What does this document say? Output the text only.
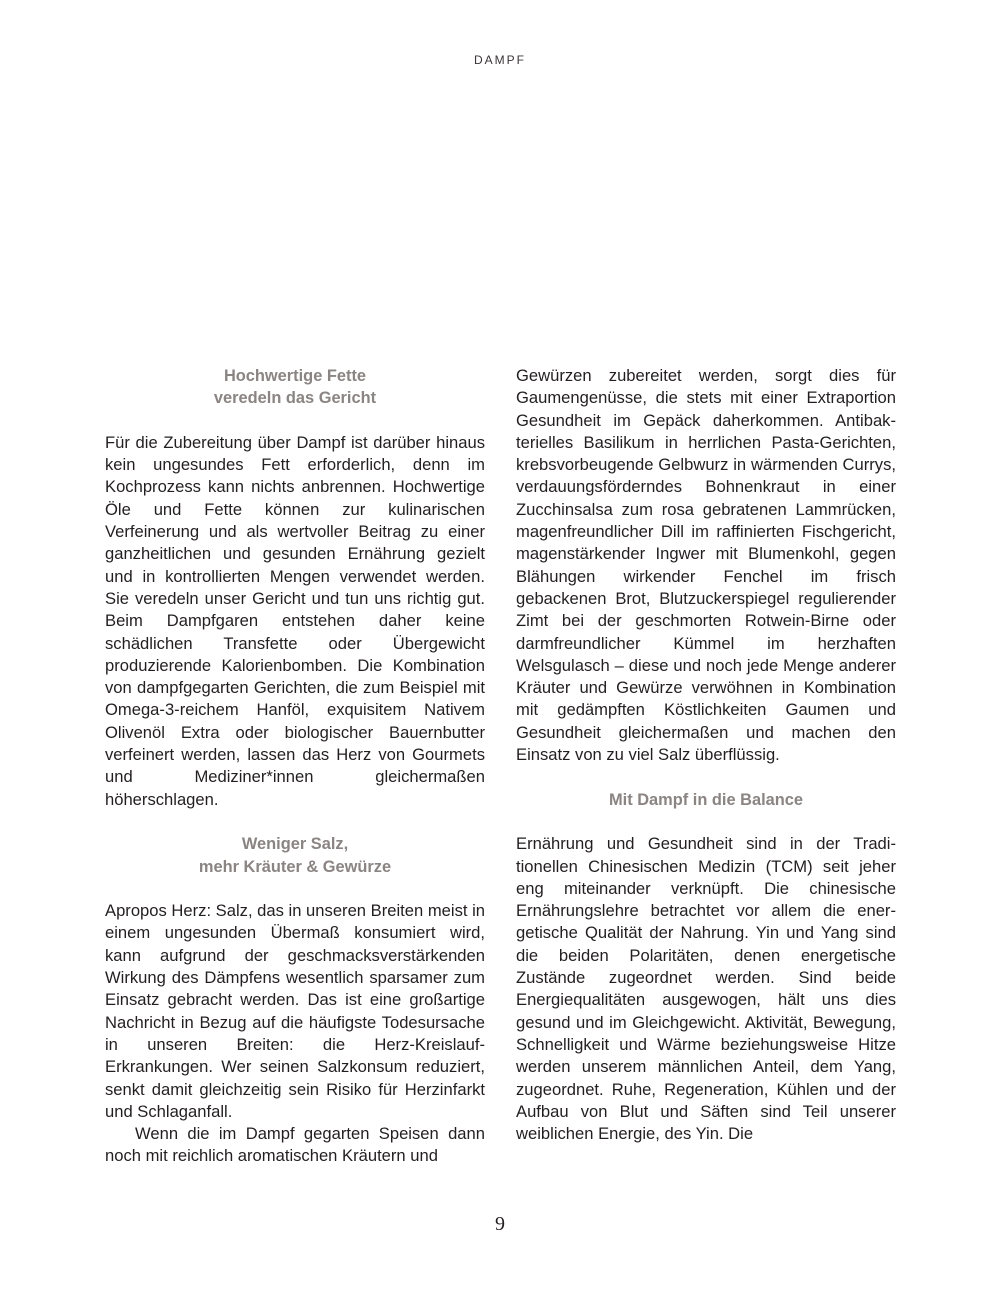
DAMPF
Hochwertige Fette
veredeln das Gericht

Für die Zubereitung über Dampf ist darüber hinaus kein ungesundes Fett erforderlich, denn im Kochprozess kann nichts anbrennen. Hochwertige Öle und Fette können zur kulinarischen Verfeinerung und als wertvoller Beitrag zu einer ganzheitlichen und gesunden Ernährung gezielt und in kontrollierten Mengen verwendet werden. Sie veredeln unser Gericht und tun uns richtig gut. Beim Dampfgaren entstehen daher keine schädlichen Transfette oder Übergewicht produzierende Kalorienbomben. Die Kombination von dampfgegarten Gerichten, die zum Beispiel mit Omega-3-reichem Hanföl, exquisitem Nativem Olivenöl Extra oder biologischer Bauernbutter verfeinert werden, lassen das Herz von Gourmets und Mediziner*innen gleichermaßen höherschlagen.

Weniger Salz,
mehr Kräuter & Gewürze

Apropos Herz: Salz, das in unseren Breiten meist in einem ungesunden Übermaß konsumiert wird, kann aufgrund der geschmacksverstärkenden Wirkung des Dämpfens wesentlich sparsamer zum Einsatz gebracht werden. Das ist eine großartige Nachricht in Bezug auf die häufigste Todesursache in unseren Breiten: die Herz-Kreislauf-Erkrankungen. Wer seinen Salzkonsum reduziert, senkt damit gleichzeitig sein Risiko für Herzinfarkt und Schlaganfall.

Wenn die im Dampf gegarten Speisen dann noch mit reichlich aromatischen Kräutern und

Gewürzen zubereitet werden, sorgt dies für Gaumengenüsse, die stets mit einer Extraportion Gesundheit im Gepäck daherkommen. Antibakterielles Basilikum in herrlichen Pasta-Gerichten, krebsvorbeugende Gelbwurz in wärmenden Currys, verdauungsförderndes Bohnenkraut in einer Zucchinsalsa zum rosa gebratenen Lammrücken, magenfreundlicher Dill im raffinierten Fischgericht, magenstärkender Ingwer mit Blumenkohl, gegen Blähungen wirkender Fenchel im frisch gebackenen Brot, Blutzuckerspiegel regulierender Zimt bei der geschmorten Rotwein-Birne oder darmfreundlicher Kümmel im herzhaften Welsgulasch – diese und noch jede Menge anderer Kräuter und Gewürze verwöhnen in Kombination mit gedämpften Köstlichkeiten Gaumen und Gesundheit gleichermaßen und machen den Einsatz von zu viel Salz überflüssig.

Mit Dampf in die Balance

Ernährung und Gesundheit sind in der Traditionellen Chinesischen Medizin (TCM) seit jeher eng miteinander verknüpft. Die chinesische Ernährungslehre betrachtet vor allem die energetische Qualität der Nahrung. Yin und Yang sind die beiden Polaritäten, denen energetische Zustände zugeordnet werden. Sind beide Energiequalitäten ausgewogen, hält uns dies gesund und im Gleichgewicht. Aktivität, Bewegung, Schnelligkeit und Wärme beziehungsweise Hitze werden unserem männlichen Anteil, dem Yang, zugeordnet. Ruhe, Regeneration, Kühlen und der Aufbau von Blut und Säften sind Teil unserer weiblichen Energie, des Yin. Die

9
